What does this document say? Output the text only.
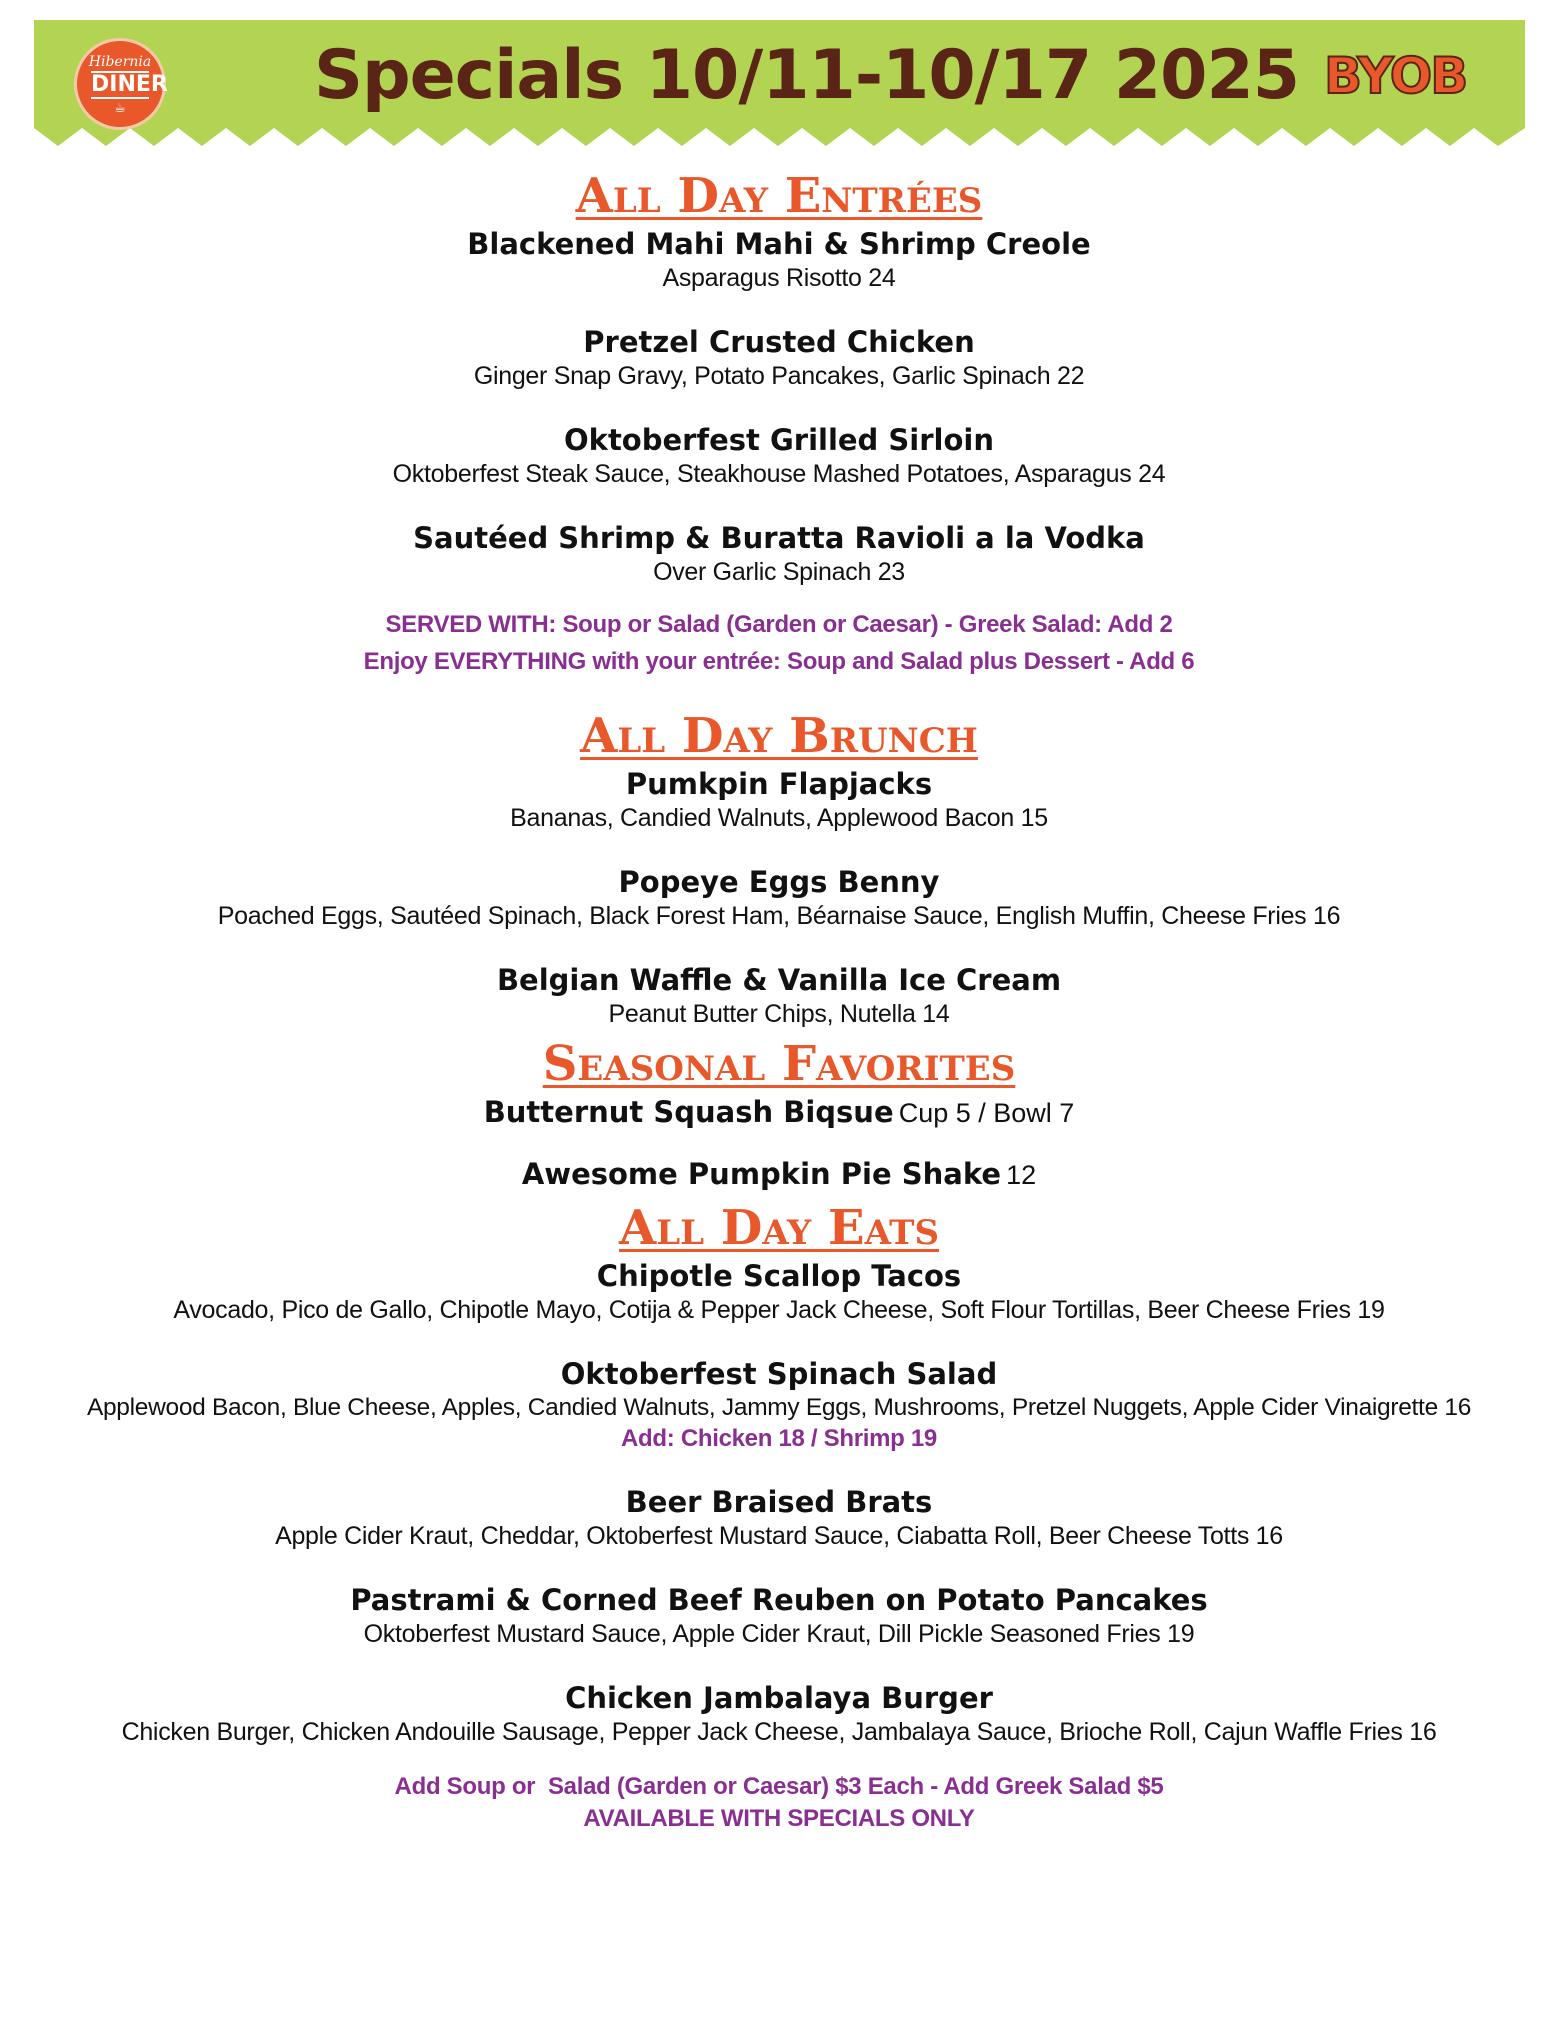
Hibernia
DINER
☕	Specials 10/11-10/17 2025 BYOB
All Day Entrées
Blackened Mahi Mahi & Shrimp Creole
Asparagus Risotto 24
Pretzel Crusted Chicken
Ginger Snap Gravy, Potato Pancakes, Garlic Spinach 22
Oktoberfest Grilled Sirloin
Oktoberfest Steak Sauce, Steakhouse Mashed Potatoes, Asparagus 24
Sautéed Shrimp & Buratta Ravioli a la Vodka
Over Garlic Spinach 23
SERVED WITH: Soup or Salad (Garden or Caesar) - Greek Salad: Add 2
Enjoy EVERYTHING with your entrée: Soup and Salad plus Dessert - Add 6
All Day Brunch
Pumkpin Flapjacks
Bananas, Candied Walnuts, Applewood Bacon 15
Popeye Eggs Benny
Poached Eggs, Sautéed Spinach, Black Forest Ham, Béarnaise Sauce, English Muffin, Cheese Fries 16
Belgian Waffle & Vanilla Ice Cream
Peanut Butter Chips, Nutella 14
Seasonal Favorites
Butternut Squash Biqsue Cup 5 / Bowl 7
Awesome Pumpkin Pie Shake 12
All Day Eats
Chipotle Scallop Tacos
Avocado, Pico de Gallo, Chipotle Mayo, Cotija & Pepper Jack Cheese, Soft Flour Tortillas, Beer Cheese Fries 19
Oktoberfest Spinach Salad
Applewood Bacon, Blue Cheese, Apples, Candied Walnuts, Jammy Eggs, Mushrooms, Pretzel Nuggets, Apple Cider Vinaigrette 16
Add: Chicken 18 / Shrimp 19
Beer Braised Brats
Apple Cider Kraut, Cheddar, Oktoberfest Mustard Sauce, Ciabatta Roll, Beer Cheese Totts 16
Pastrami & Corned Beef Reuben on Potato Pancakes
Oktoberfest Mustard Sauce, Apple Cider Kraut, Dill Pickle Seasoned Fries 19
Chicken Jambalaya Burger
Chicken Burger, Chicken Andouille Sausage, Pepper Jack Cheese, Jambalaya Sauce, Brioche Roll, Cajun Waffle Fries 16
Add Soup or  Salad (Garden or Caesar) $3 Each - Add Greek Salad $5
AVAILABLE WITH SPECIALS ONLY
